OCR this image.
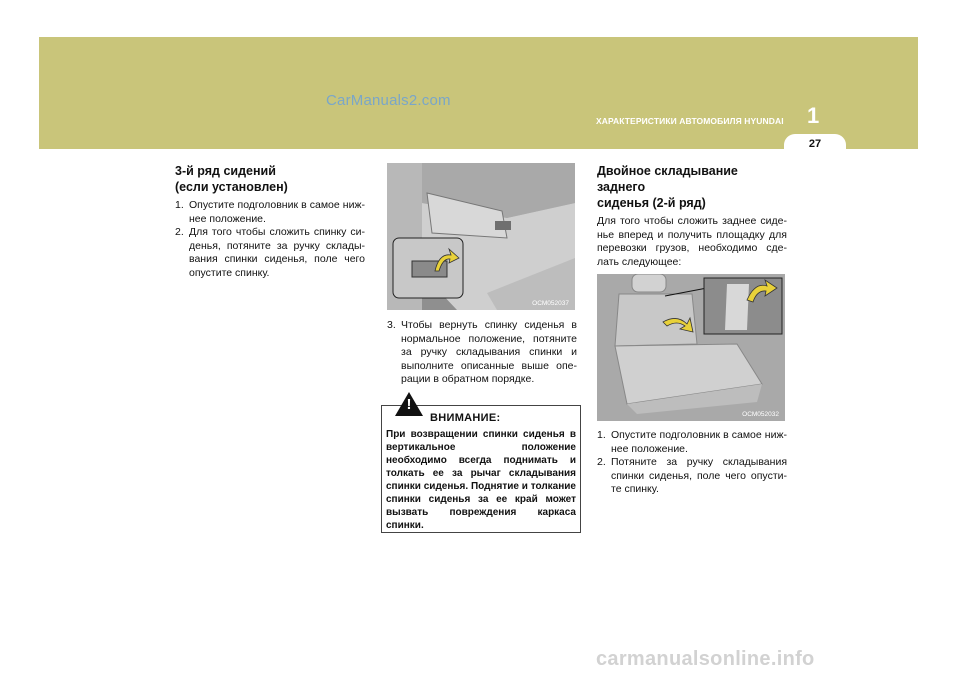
CarManuals2.com
1
ХАРАКТЕРИСТИКИ АВТОМОБИЛЯ HYUNDAI
27
3-й ряд сидений
(если установлен)
1. Опустите подголовник в самое ниж-нее положение.
2. Для того чтобы сложить спинку си-денья, потяните за ручку склады-вания спинки сиденья, поле чего опустите спинку.
OCM052037
3. Чтобы вернуть спинку сиденья в нормальное положение, потяните за ручку складывания спинки и выполните описанные выше опе-рации в обратном порядке.
!
ВНИМАНИЕ:
При возвращении спинки сиденья в вертикальное положение необходимо всегда поднимать и толкать ее за рычаг складывания спинки сиденья. Поднятие и толкание спинки сиденья за ее край может вызвать повреждения каркаса спинки.
Двойное складывание заднего
сиденья (2-й ряд)

Для того чтобы сложить заднее сиде-нье вперед и получить площадку для перевозки грузов, необходимо сде-лать следующее:

OCM052032
1. Опустите подголовник в самое ниж-нее положение.
2. Потяните за ручку складывания спинки сиденья, поле чего опусти-те спинку.
carmanualsonline.info
